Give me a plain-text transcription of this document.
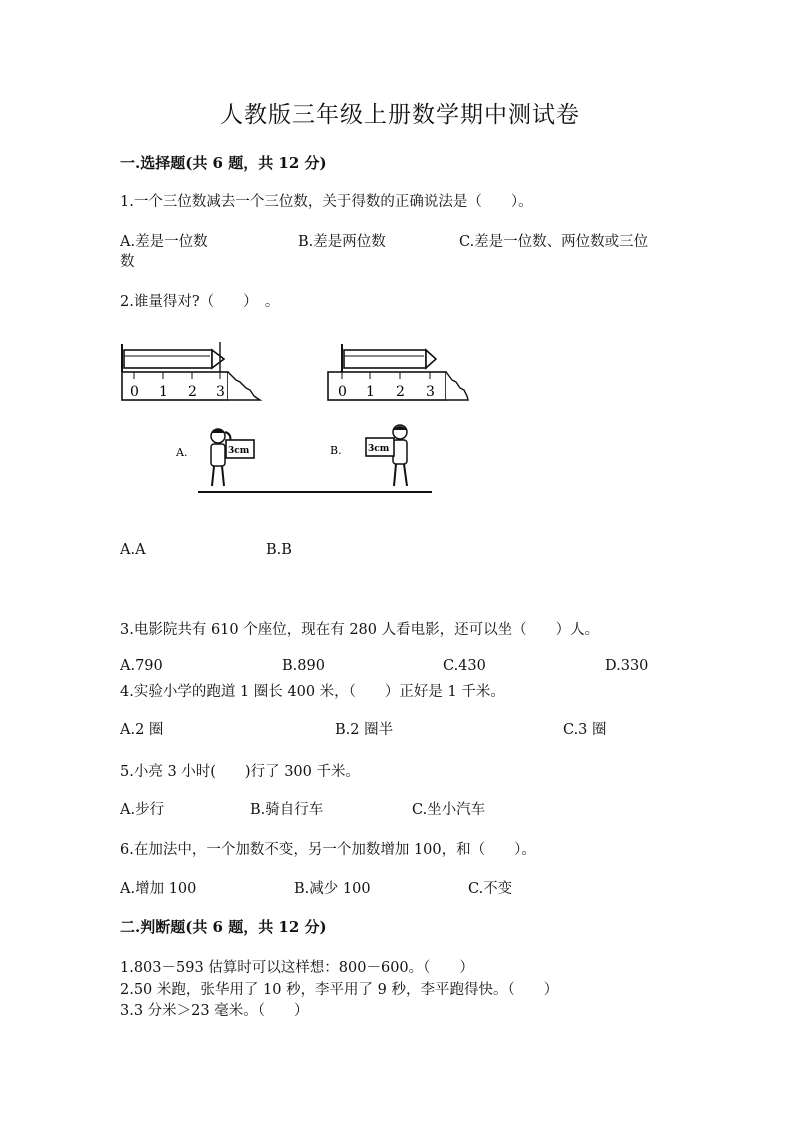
人教版三年级上册数学期中测试卷
一.选择题(共 6 题，共 12 分)
1.一个三位数减去一个三位数，关于得数的正确说法是（　　）。
A.差是一位数	B.差是两位数	C.差是一位数、两位数或三位
数
2.谁量得对?（　　）　。
0 1 2 3	0 1 2 3
A.	3cm	B.	3cm
A.A	B.B
3.电影院共有 610 个座位，现在有 280 人看电影，还可以坐（　　）人。
A.790	B.890	C.430	D.330
4.实验小学的跑道 1 圈长 400 米，（　　）正好是 1 千米。
A.2 圈	B.2 圈半	C.3 圈
5.小亮 3 小时(　　)行了 300 千米。
A.步行	B.骑自行车	C.坐小汽车
6.在加法中，一个加数不变，另一个加数增加 100，和（　　）。
A.增加 100	B.减少 100	C.不变
二.判断题(共 6 题，共 12 分)
1.803－593 估算时可以这样想：800－600。（　　）
2.50 米跑，张华用了 10 秒，李平用了 9 秒，李平跑得快。（　　）
3.3 分米＞23 毫米。（　　）
